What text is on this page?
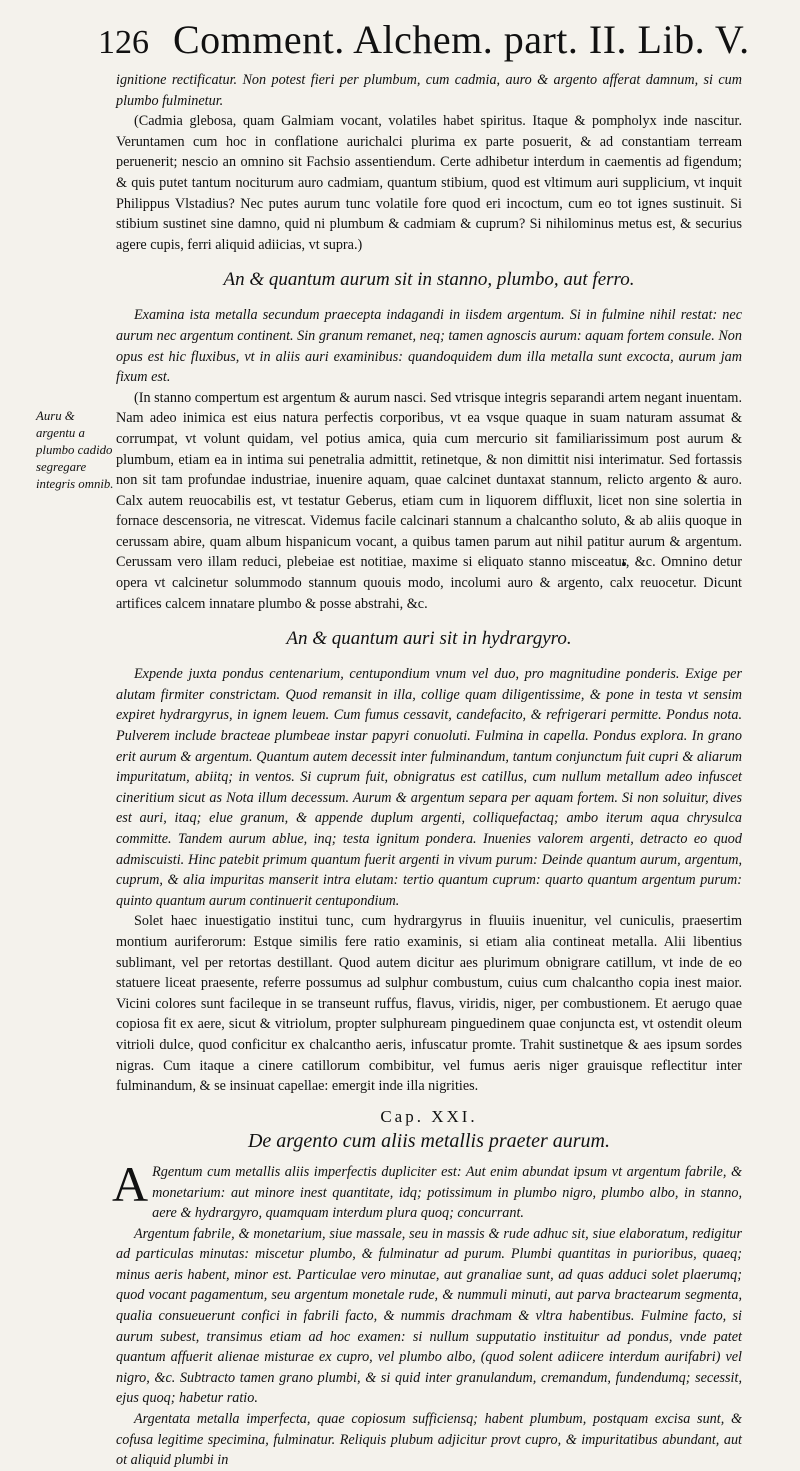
126 Comment. Alchem. part. II. Lib. V.
Auru & argentu a plumbo cadido segregare integris omnib.

ignitione rectificatur. Non potest fieri per plumbum, cum cadmia, auro & argento afferat damnum, si cum plumbo fulminetur.

(Cadmia glebosa, quam Galmiam vocant, volatiles habet spiritus. Itaque & pompholyx inde nascitur. Veruntamen cum hoc in conflatione aurichalci plurima ex parte posuerit, & ad constantiam terream peruenerit; nescio an omnino sit Fachsio assentiendum. Certe adhibetur interdum in caementis ad figendum; & quis putet tantum nociturum auro cadmiam, quantum stibium, quod est vltimum auri supplicium, vt inquit Philippus Vlstadius? Nec putes aurum tunc volatile fore quod eri incoctum, cum eo tot ignes sustinuit. Si stibium sustinet sine damno, quid ni plumbum & cadmiam & cuprum? Si nihilominus metus est, & securius agere cupis, ferri aliquid adiicias, vt supra.)

An & quantum aurum sit in stanno, plumbo, aut ferro.

Examina ista metalla secundum praecepta indagandi in iisdem argentum. Si in fulmine nihil restat: nec aurum nec argentum continent. Sin granum remanet, neq; tamen agnoscis aurum: aquam fortem consule. Non opus est hic fluxibus, vt in aliis auri examinibus: quandoquidem dum illa metalla sunt excocta, aurum jam fixum est.

(In stanno compertum est argentum & aurum nasci. Sed vtrisque integris separandi artem negant inuentam. Nam adeo inimica est eius natura perfectis corporibus, vt ea vsque quaque in suam naturam assumat & corrumpat, vt volunt quidam, vel potius amica, quia cum mercurio sit familiarissimum post aurum & plumbum, etiam ea in intima sui penetralia admittit, retinetque, & non dimittit nisi interimatur. Sed fortassis non sit tam profundae industriae, inuenire aquam, quae calcinet duntaxat stannum, relicto argento & auro. Calx autem reuocabilis est, vt testatur Geberus, etiam cum in liquorem diffluxit, licet non sine solertia in fornace descensoria, ne vitrescat. Videmus facile calcinari stannum a chalcantho soluto, & ab aliis quoque in cerussam abire, quam album hispanicum vocant, a quibus tamen parum aut nihil patitur aurum & argentum. Cerussam vero illam reduci, plebeiae est notitiae, maxime si eliquato stanno misceatur, &c. Omnino detur opera vt calcinetur solummodo stannum quouis modo, incolumi auro & argento, calx reuocetur. Dicunt artifices calcem innatare plumbo & posse abstrahi, &c.

An & quantum auri sit in hydrargyro.

Expende juxta pondus centenarium, centupondium vnum vel duo, pro magnitudine ponderis. Exige per alutam firmiter constrictam. Quod remansit in illa, collige quam diligentissime, & pone in testa vt sensim expiret hydrargyrus, in ignem leuem. Cum fumus cessavit, candefacito, & refrigerari permitte. Pondus nota. Pulverem include bracteae plumbeae instar papyri conuoluti. Fulmina in capella. Pondus explora. In grano erit aurum & argentum. Quantum autem decessit inter fulminandum, tantum conjunctum fuit cupri & aliarum impuritatum, abiitq; in ventos. Si cuprum fuit, obnigratus est catillus, cum nullum metallum adeo infuscet cineritium sicut as Nota illum decessum. Aurum & argentum separa per aquam fortem. Si non soluitur, dives est auri, itaq; elue granum, & appende duplum argenti, colliquefactaq; ambo iterum aqua chrysulca committe. Tandem aurum ablue, inq; testa ignitum pondera. Inuenies valorem argenti, detracto eo quod admiscuisti. Hinc patebit primum quantum fuerit argenti in vivum purum: Deinde quantum aurum, argentum, cuprum, & alia impuritas manserit intra elutam: tertio quantum cuprum: quarto quantum argentum purum: quinto quantum aurum continuerit centupondium.

Solet haec inuestigatio institui tunc, cum hydrargyrus in fluuiis inuenitur, vel cuniculis, praesertim montium auriferorum: Estque similis fere ratio examinis, si etiam alia contineat metalla. Alii libentius sublimant, vel per retortas destillant. Quod autem dicitur aes plurimum obnigrare catillum, vt inde de eo statuere liceat praesente, referre possumus ad sulphur combustum, cuius cum chalcantho copia inest maior. Vicini colores sunt facileque in se transeunt ruffus, flavus, viridis, niger, per combustionem. Et aerugo quae copiosa fit ex aere, sicut & vitriolum, propter sulphuream pinguedinem quae conjuncta est, vt ostendit oleum vitrioli dulce, quod conficitur ex chalcantho aeris, infuscatur promte. Trahit sustinetque & aes ipsum sordes nigras. Cum itaque a cinere catillorum combibitur, vel fumus aeris niger grauisque reflectitur inter fulminandum, & se insinuat capellae: emergit inde illa nigrities.

Cap. XXI.
De argento cum aliis metallis praeter aurum.

A Rgentum cum metallis aliis imperfectis dupliciter est: Aut enim abundat ipsum vt argentum fabrile, & monetarium: aut minore inest quantitate, idq; potissimum in plumbo nigro, plumbo albo, in stanno, aere & hydrargyro, quamquam interdum plura quoq; concurrant.

Argentum fabrile, & monetarium, siue massale, seu in massis & rude adhuc sit, siue elaboratum, redigitur ad particulas minutas: miscetur plumbo, & fulminatur ad purum. Plumbi quantitas in purioribus, quaeq; minus aeris habent, minor est. Particulae vero minutae, aut granaliae sunt, ad quas adduci solet plaerumq; quod vocant pagamentum, seu argentum monetale rude, & nummuli minuti, aut parva bractearum segmenta, qualia consueuerunt confici in fabrili facto, & nummis drachmam & vltra habentibus. Fulmine facto, si aurum subest, transimus etiam ad hoc examen: si nullum supputatio instituitur ad pondus, vnde patet quantum affuerit alienae misturae ex cupro, vel plumbo albo, (quod solent adiicere interdum aurifabri) vel nigro, &c. Subtracto tamen grano plumbi, & si quid inter granulandum, cremandum, fundendumq; secessit, ejus quoq; habetur ratio.

Argentata metalla imperfecta, quae copiosum sufficiensq; habent plumbum, postquam excisa sunt, & cofusa legitime specimina, fulminatur. Reliquis plubum adjicitur provt cupro, & impuritatibus abundant, aut ot aliquid plumbi in
